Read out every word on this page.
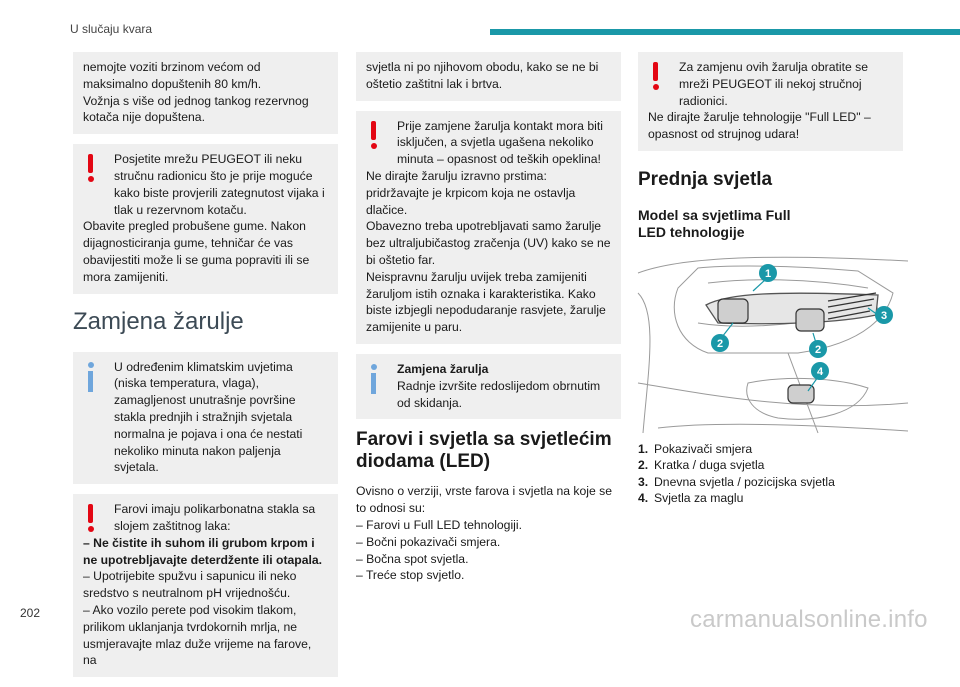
U slučaju kvara

nemojte voziti brzinom većom od maksimalno dopuštenih 80 km/h.

Vožnja s više od jednog tankog rezervnog kotača nije dopuštena.

Posjetite mrežu PEUGEOT ili neku stručnu radionicu što je prije moguće kako biste provjerili zategnutost vijaka i tlak u rezervnom kotaču.

Obavite pregled probušene gume. Nakon dijagnosticiranja gume, tehničar će vas obavijestiti može li se guma popraviti ili se mora zamijeniti.

Zamjena žarulje

U određenim klimatskim uvjetima (niska temperatura, vlaga), zamagljenost unutrašnje površine stakla prednjih i stražnjih svjetala normalna je pojava i ona će nestati nekoliko minuta nakon paljenja svjetala.

Farovi imaju polikarbonatna stakla sa slojem zaštitnog laka:

– Ne čistite ih suhom ili grubom krpom i ne upotrebljavajte deterdžente ili otapala.

– Upotrijebite spužvu i sapunicu ili neko sredstvo s neutralnom pH vrijednošću.

– Ako vozilo perete pod visokim tlakom, prilikom uklanjanja tvrdokornih mrlja, ne usmjeravajte mlaz duže vrijeme na farove, na

svjetla ni po njihovom obodu, kako se ne bi oštetio zaštitni lak i brtva.

Prije zamjene žarulja kontakt mora biti isključen, a svjetla ugašena nekoliko minuta – opasnost od teških opeklina!

Ne dirajte žarulju izravno prstima: pridržavajte je krpicom koja ne ostavlja dlačice.

Obavezno treba upotrebljavati samo žarulje bez ultraljubičastog zračenja (UV) kako se ne bi oštetio far.

Neispravnu žarulju uvijek treba zamijeniti žaruljom istih oznaka i karakteristika. Kako biste izbjegli nepodudaranje rasvjete, žarulje zamijenite u paru.

Zamjena žarulja

Radnje izvršite redoslijedom obrnutim od skidanja.

Farovi i svjetla sa svjetlećim diodama (LED)

Ovisno o verziji, vrste farova i svjetla na koje se to odnosi su:

– Farovi u Full LED tehnologiji.

– Bočni pokazivači smjera.

– Bočna spot svjetla.

– Treće stop svjetlo.

Za zamjenu ovih žarulja obratite se mreži PEUGEOT ili nekoj stručnoj radionici.

Ne dirajte žarulje tehnologije "Full LED" – opasnost od strujnog udara!

Prednja svjetla
Model sa svjetlima Full LED tehnologije
1
2	2
3
4
1. Pokazivači smjera
2. Kratka / duga svjetla
3. Dnevna svjetla / pozicijska svjetla
4. Svjetla za maglu
202	carmanualsonline.info
